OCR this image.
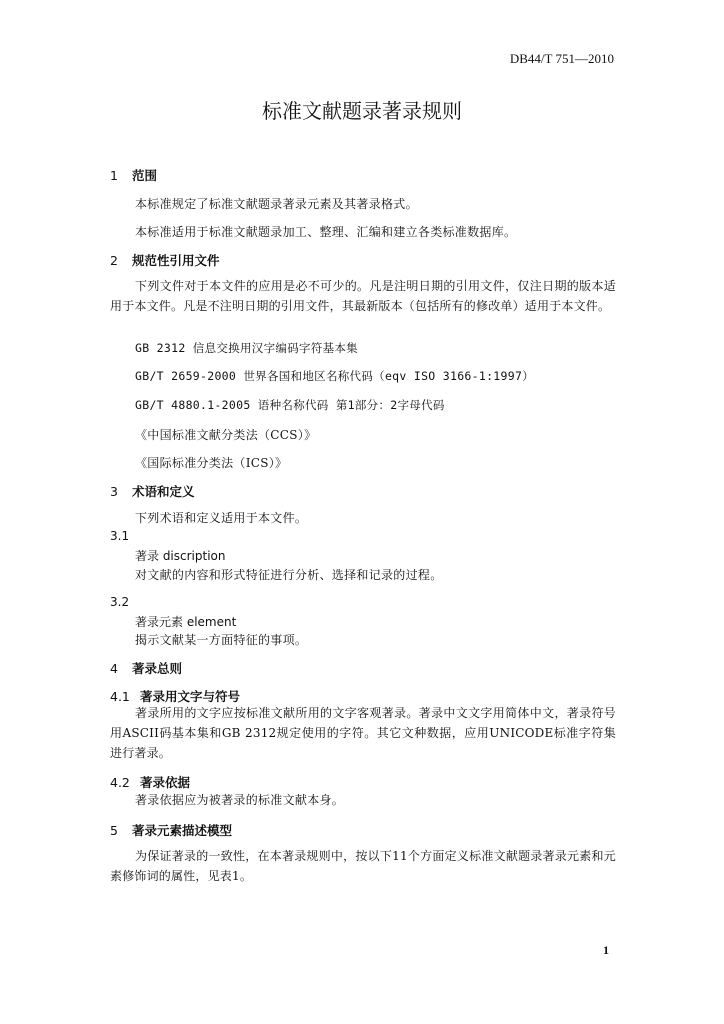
DB44/T 751—2010
标准文献题录著录规则
1 范围
本标准规定了标准文献题录著录元素及其著录格式。
本标准适用于标准文献题录加工、整理、汇编和建立各类标准数据库。
2 规范性引用文件
下列文件对于本文件的应用是必不可少的。凡是注明日期的引用文件，仅注日期的版本适用于本文件。凡是不注明日期的引用文件，其最新版本（包括所有的修改单）适用于本文件。
GB 2312 信息交换用汉字编码字符基本集
GB/T 2659-2000 世界各国和地区名称代码（eqv ISO 3166-1:1997）
GB/T 4880.1-2005 语种名称代码 第1部分：2字母代码
《中国标准文献分类法（CCS）》
《国际标准分类法（ICS）》
3 术语和定义
下列术语和定义适用于本文件。
3.1
著录 discription
对文献的内容和形式特征进行分析、选择和记录的过程。
3.2
著录元素 element
揭示文献某一方面特征的事项。
4 著录总则
4.1 著录用文字与符号
著录所用的文字应按标准文献所用的文字客观著录。著录中文文字用简体中文，著录符号用ASCII码基本集和GB 2312规定使用的字符。其它文种数据，应用UNICODE标准字符集进行著录。
4.2 著录依据
著录依据应为被著录的标准文献本身。
5 著录元素描述模型
为保证著录的一致性，在本著录规则中，按以下11个方面定义标准文献题录著录元素和元素修饰词的属性，见表1。
1
